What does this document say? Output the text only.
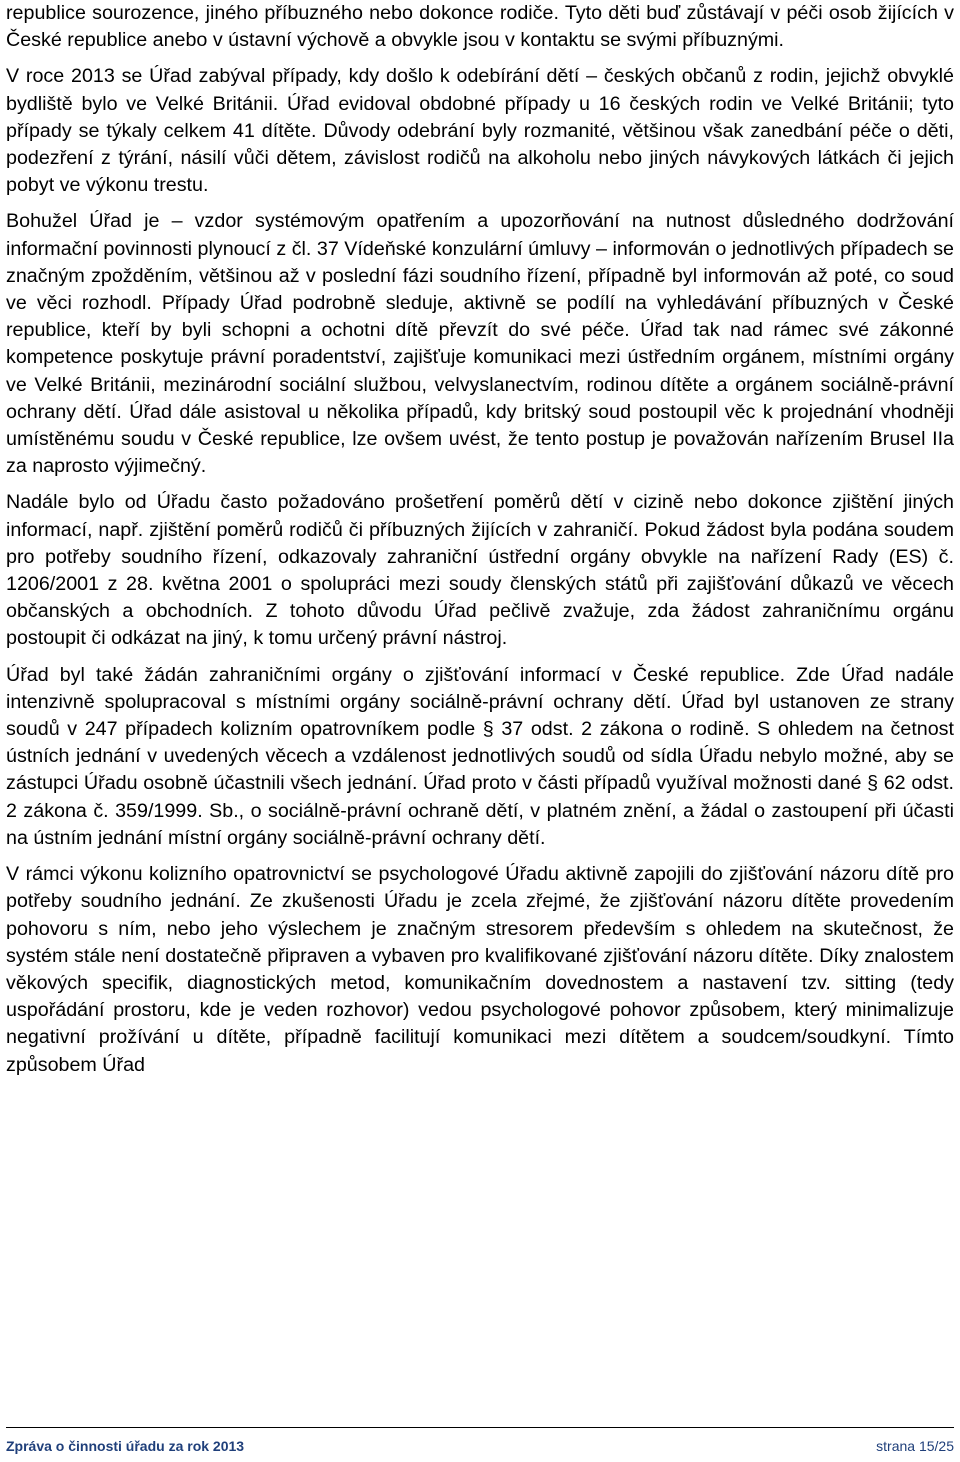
republice sourozence, jiného příbuzného nebo dokonce rodiče. Tyto děti buď zůstávají v péči osob žijících v České republice anebo v ústavní výchově a obvykle jsou v kontaktu se svými příbuznými.

V roce 2013 se Úřad zabýval případy, kdy došlo k odebírání dětí – českých občanů z rodin, jejichž obvyklé bydliště bylo ve Velké Británii. Úřad evidoval obdobné případy u 16 českých rodin ve Velké Británii; tyto případy se týkaly celkem 41 dítěte. Důvody odebrání byly rozmanité, většinou však zanedbání péče o děti, podezření z týrání, násilí vůči dětem, závislost rodičů na alkoholu nebo jiných návykových látkách či jejich pobyt ve výkonu trestu.

Bohužel Úřad je – vzdor systémovým opatřením a upozorňování na nutnost důsledného dodržování informační povinnosti plynoucí z čl. 37 Vídeňské konzulární úmluvy – informován o jednotlivých případech se značným zpožděním, většinou až v poslední fázi soudního řízení, případně byl informován až poté, co soud ve věci rozhodl. Případy Úřad podrobně sleduje, aktivně se podílí na vyhledávání příbuzných v České republice, kteří by byli schopni a ochotni dítě převzít do své péče. Úřad tak nad rámec své zákonné kompetence poskytuje právní poradentství, zajišťuje komunikaci mezi ústředním orgánem, místními orgány ve Velké Británii, mezinárodní sociální službou, velvyslanectvím, rodinou dítěte a orgánem sociálně-právní ochrany dětí. Úřad dále asistoval u několika případů, kdy britský soud postoupil věc k projednání vhodněji umístěnému soudu v České republice, lze ovšem uvést, že tento postup je považován nařízením Brusel IIa za naprosto výjimečný.

Nadále bylo od Úřadu často požadováno prošetření poměrů dětí v cizině nebo dokonce zjištění jiných informací, např. zjištění poměrů rodičů či příbuzných žijících v zahraničí. Pokud žádost byla podána soudem pro potřeby soudního řízení, odkazovaly zahraniční ústřední orgány obvykle na nařízení Rady (ES) č. 1206/2001 z 28. května 2001 o spolupráci mezi soudy členských států při zajišťování důkazů ve věcech občanských a obchodních. Z tohoto důvodu Úřad pečlivě zvažuje, zda žádost zahraničnímu orgánu postoupit či odkázat na jiný, k tomu určený právní nástroj.

Úřad byl také žádán zahraničními orgány o zjišťování informací v České republice. Zde Úřad nadále intenzivně spolupracoval s místními orgány sociálně-právní ochrany dětí. Úřad byl ustanoven ze strany soudů v 247 případech kolizním opatrovníkem podle § 37 odst. 2 zákona o rodině. S ohledem na četnost ústních jednání v uvedených věcech a vzdálenost jednotlivých soudů od sídla Úřadu nebylo možné, aby se zástupci Úřadu osobně účastnili všech jednání. Úřad proto v části případů využíval možnosti dané § 62 odst. 2 zákona č. 359/1999. Sb., o sociálně-právní ochraně dětí, v platném znění, a žádal o zastoupení při účasti na ústním jednání místní orgány sociálně-právní ochrany dětí.

V rámci výkonu kolizního opatrovnictví se psychologové Úřadu aktivně zapojili do zjišťování názoru dítě pro potřeby soudního jednání. Ze zkušenosti Úřadu je zcela zřejmé, že zjišťování názoru dítěte provedením pohovoru s ním, nebo jeho výslechem je značným stresorem především s ohledem na skutečnost, že systém stále není dostatečně připraven a vybaven pro kvalifikované zjišťování názoru dítěte. Díky znalostem věkových specifik, diagnostických metod, komunikačním dovednostem a nastavení tzv. sitting (tedy uspořádání prostoru, kde je veden rozhovor) vedou psychologové pohovor způsobem, který minimalizuje negativní prožívání u dítěte, případně facilitují komunikaci mezi dítětem a soudcem/soudkyní. Tímto způsobem Úřad

Zpráva o činnosti úřadu za rok 2013	strana 15/25
